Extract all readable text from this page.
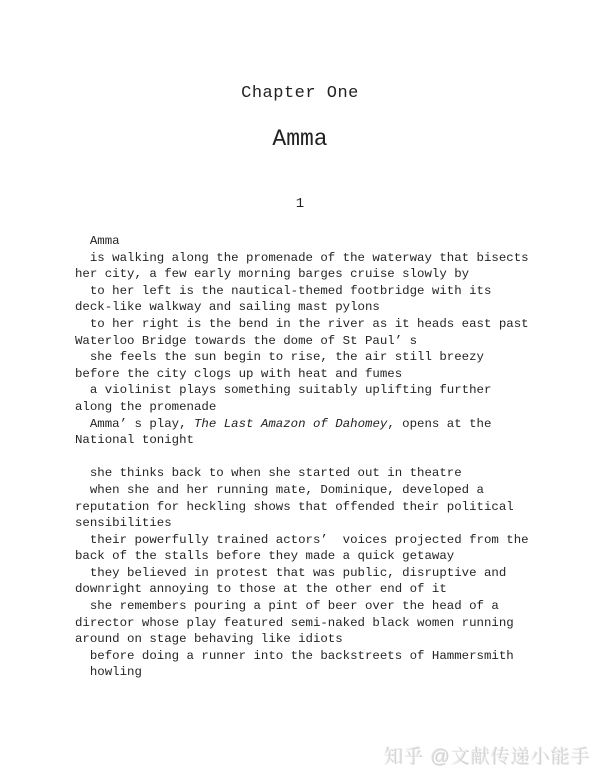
Chapter One
Amma
1
Amma
is walking along the promenade of the waterway that bisects
her city, a few early morning barges cruise slowly by
to her left is the nautical-themed footbridge with its
deck-like walkway and sailing mast pylons
to her right is the bend in the river as it heads east past
Waterloo Bridge towards the dome of St Paul’ s
she feels the sun begin to rise, the air still breezy
before the city clogs up with heat and fumes
a violinist plays something suitably uplifting further
along the promenade
Amma’ s play, The Last Amazon of Dahomey, opens at the
National tonight

she thinks back to when she started out in theatre
when she and her running mate, Dominique, developed a
reputation for heckling shows that offended their political
sensibilities
their powerfully trained actors’  voices projected from the
back of the stalls before they made a quick getaway
they believed in protest that was public, disruptive and
downright annoying to those at the other end of it
she remembers pouring a pint of beer over the head of a
director whose play featured semi-naked black women running
around on stage behaving like idiots
before doing a runner into the backstreets of Hammersmith
howling
知乎 @文献传递小能手
